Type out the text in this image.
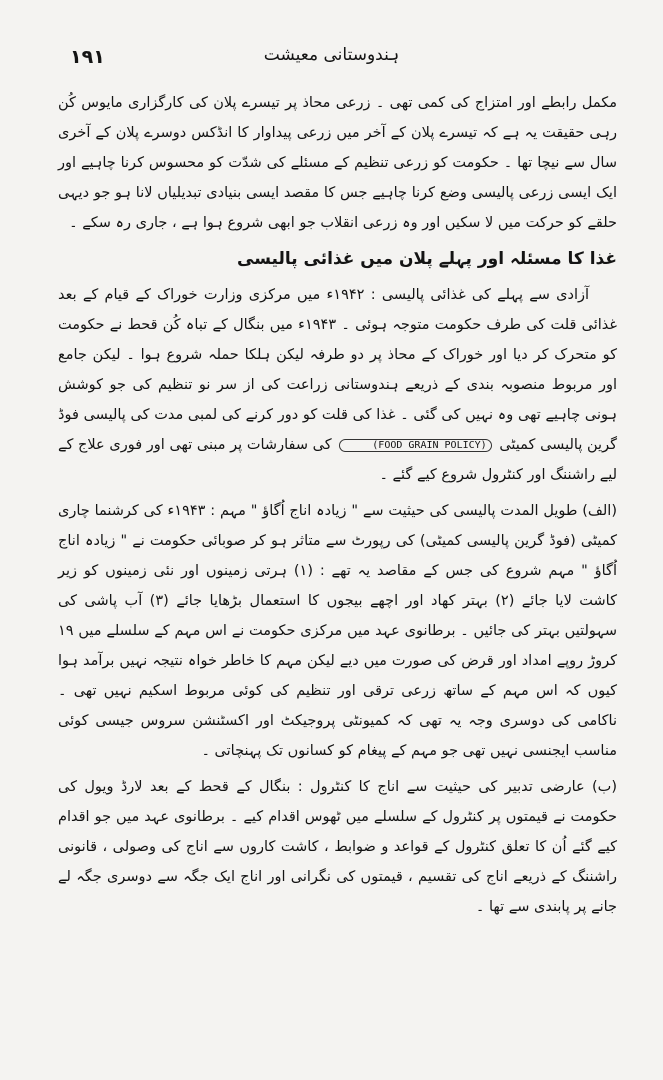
۱۹۱	ہندوستانی معیشت

مکمل رابطے اور امتزاج کی کمی تھی ۔ زرعی محاذ پر تیسرے پلان کی کارگزاری مایوس کُن رہی حقیقت یہ ہے کہ تیسرے پلان کے آخر میں زرعی پیداوار کا انڈکس دوسرے پلان کے آخری سال سے نیچا تھا ۔ حکومت کو زرعی تنظیم کے مسئلے کی شدّت کو محسوس کرنا چاہیے اور ایک ایسی زرعی پالیسی وضع کرنا چاہیے جس کا مقصد ایسی بنیادی تبدیلیاں لانا ہو جو دیہی حلقے کو حرکت میں لا سکیں اور وہ زرعی انقلاب جو ابھی شروع ہوا ہے ، جاری رہ سکے ۔

غذا کا مسئلہ اور پہلے پلان میں غذائی پالیسی

آزادی سے پہلے کی غذائی پالیسی : ۱۹۴۲ء میں مرکزی وزارت خوراک کے قیام کے بعد غذائی قلت کی طرف حکومت متوجہ ہوئی ۔ ۱۹۴۳ء میں بنگال کے تباہ کُن قحط نے حکومت کو متحرک کر دیا اور خوراک کے محاذ پر دو طرفہ لیکن ہلکا حملہ شروع ہوا ۔ لیکن جامع اور مربوط منصوبہ بندی کے ذریعے ہندوستانی زراعت کی از سر نو تنظیم کی جو کوشش ہونی چاہیے تھی وہ نہیں کی گئی ۔ غذا کی قلت کو دور کرنے کی لمبی مدت کی پالیسی فوڈ گرین پالیسی کمیٹی (FOOD GRAIN POLICY) کی سفارشات پر مبنی تھی اور فوری علاج کے لیے راشننگ اور کنٹرول شروع کیے گئے ۔

(الف) طویل المدت پالیسی کی حیثیت سے " زیادہ اناج اُگاؤ " مہم : ۱۹۴۳ء کی کرشنما چاری کمیٹی (فوڈ گرین پالیسی کمیٹی) کی رپورٹ سے متاثر ہو کر صوبائی حکومت نے " زیادہ اناج اُگاؤ " مہم شروع کی جس کے مقاصد یہ تھے : (۱) ہرتی زمینوں اور نئی زمینوں کو زیر کاشت لایا جائے (۲) بہتر کھاد اور اچھے بیجوں کا استعمال بڑھایا جائے (۳) آب پاشی کی سہولتیں بہتر کی جائیں ۔ برطانوی عہد میں مرکزی حکومت نے اس مہم کے سلسلے میں ۱۹ کروڑ روپے امداد اور قرض کی صورت میں دیے لیکن مہم کا خاطر خواہ نتیجہ نہیں برآمد ہوا کیوں کہ اس مہم کے ساتھ زرعی ترقی اور تنظیم کی کوئی مربوط اسکیم نہیں تھی ۔ ناکامی کی دوسری وجہ یہ تھی کہ کمیونٹی پروجیکٹ اور اکسٹنشن سروس جیسی کوئی مناسب ایجنسی نہیں تھی جو مہم کے پیغام کو کسانوں تک پہنچاتی ۔

(ب) عارضی تدبیر کی حیثیت سے اناج کا کنٹرول : بنگال کے قحط کے بعد لارڈ ویول کی حکومت نے قیمتوں پر کنٹرول کے سلسلے میں ٹھوس اقدام کیے ۔ برطانوی عہد میں جو اقدام کیے گئے اُن کا تعلق کنٹرول کے قواعد و ضوابط ، کاشت کاروں سے اناج کی وصولی ، قانونی راشننگ کے ذریعے اناج کی تقسیم ، قیمتوں کی نگرانی اور اناج ایک جگہ سے دوسری جگہ لے جانے پر پابندی سے تھا ۔
